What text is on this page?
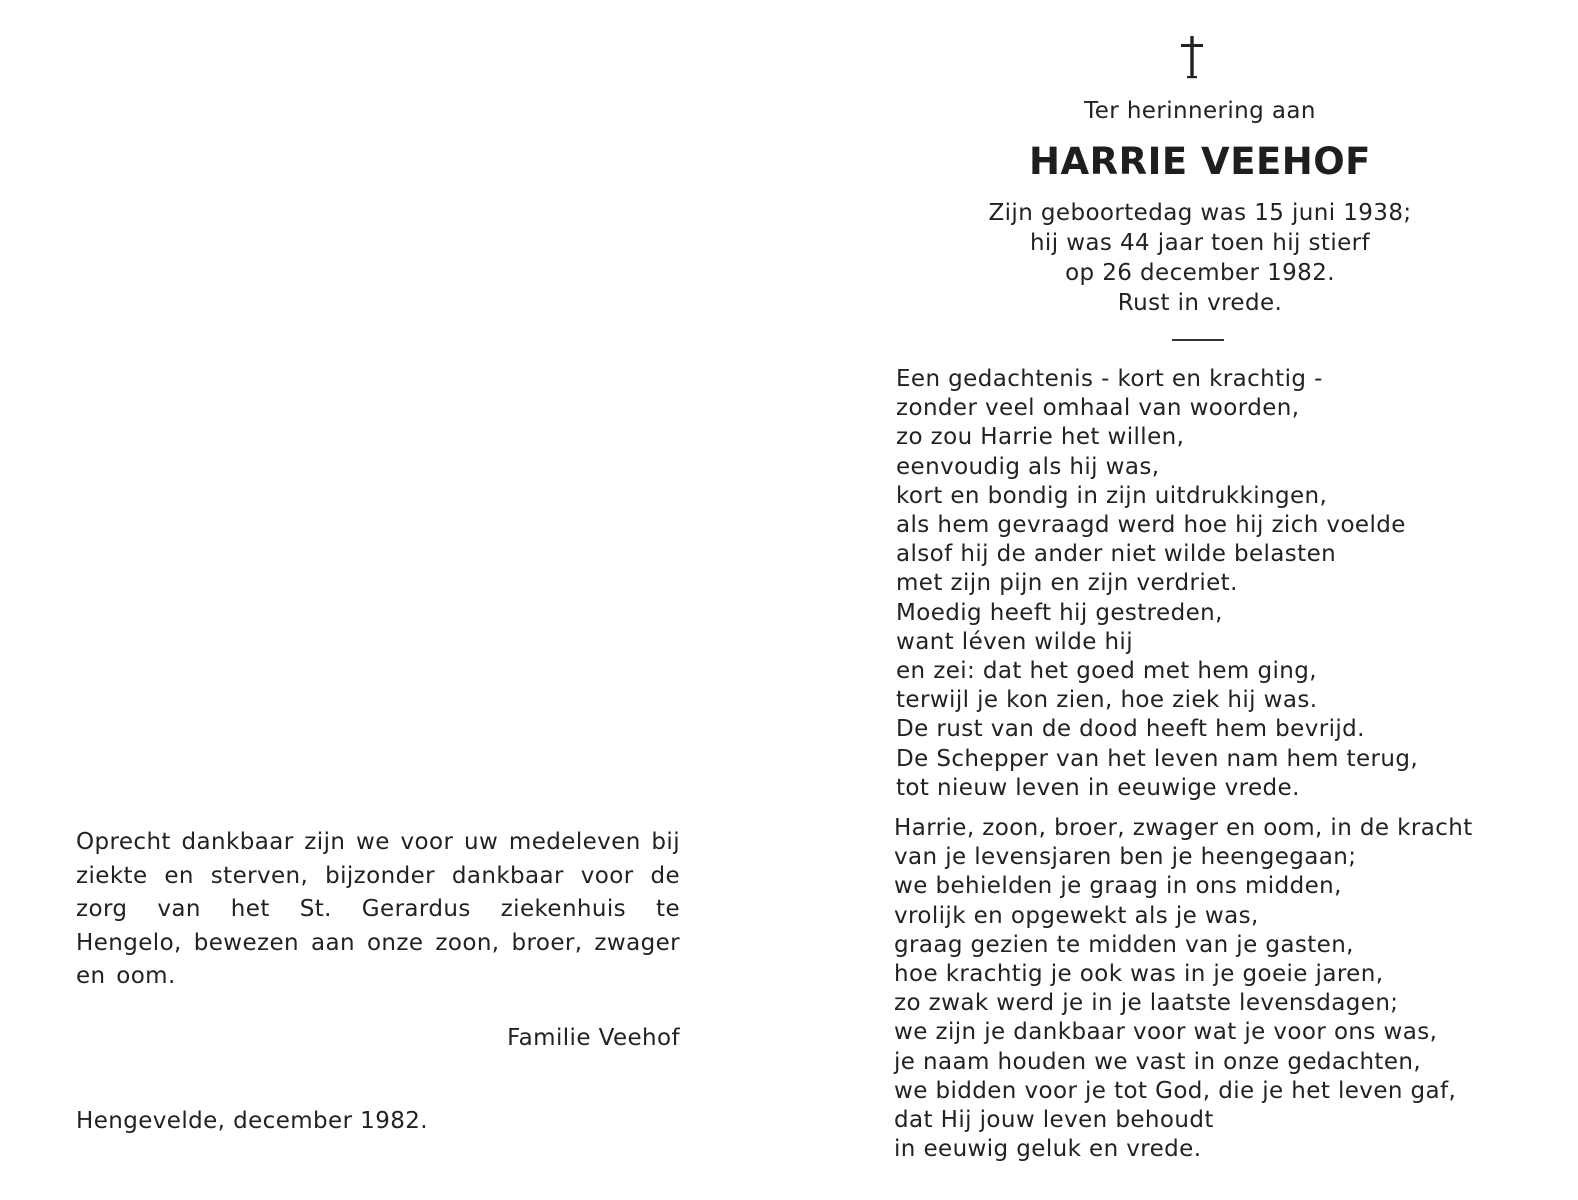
Oprecht dankbaar zijn we voor uw medeleven bij ziekte en sterven, bijzonder dankbaar voor de zorg van het St. Gerardus ziekenhuis te Hengelo, bewezen aan onze zoon, broer, zwager en oom.
Familie Veehof
Hengevelde, december 1982.
Ter herinnering aan
HARRIE VEEHOF
Zijn geboortedag was 15 juni 1938;
hij was 44 jaar toen hij stierf
op 26 december 1982.
Rust in vrede.
Een gedachtenis - kort en krachtig -
zonder veel omhaal van woorden,
zo zou Harrie het willen,
eenvoudig als hij was,
kort en bondig in zijn uitdrukkingen,
als hem gevraagd werd hoe hij zich voelde
alsof hij de ander niet wilde belasten
met zijn pijn en zijn verdriet.
Moedig heeft hij gestreden,
want léven wilde hij
en zei: dat het goed met hem ging,
terwijl je kon zien, hoe ziek hij was.
De rust van de dood heeft hem bevrijd.
De Schepper van het leven nam hem terug,
tot nieuw leven in eeuwige vrede.
Harrie, zoon, broer, zwager en oom, in de kracht
van je levensjaren ben je heengegaan;
we behielden je graag in ons midden,
vrolijk en opgewekt als je was,
graag gezien te midden van je gasten,
hoe krachtig je ook was in je goeie jaren,
zo zwak werd je in je laatste levensdagen;
we zijn je dankbaar voor wat je voor ons was,
je naam houden we vast in onze gedachten,
we bidden voor je tot God, die je het leven gaf,
dat Hij jouw leven behoudt
in eeuwig geluk en vrede.
